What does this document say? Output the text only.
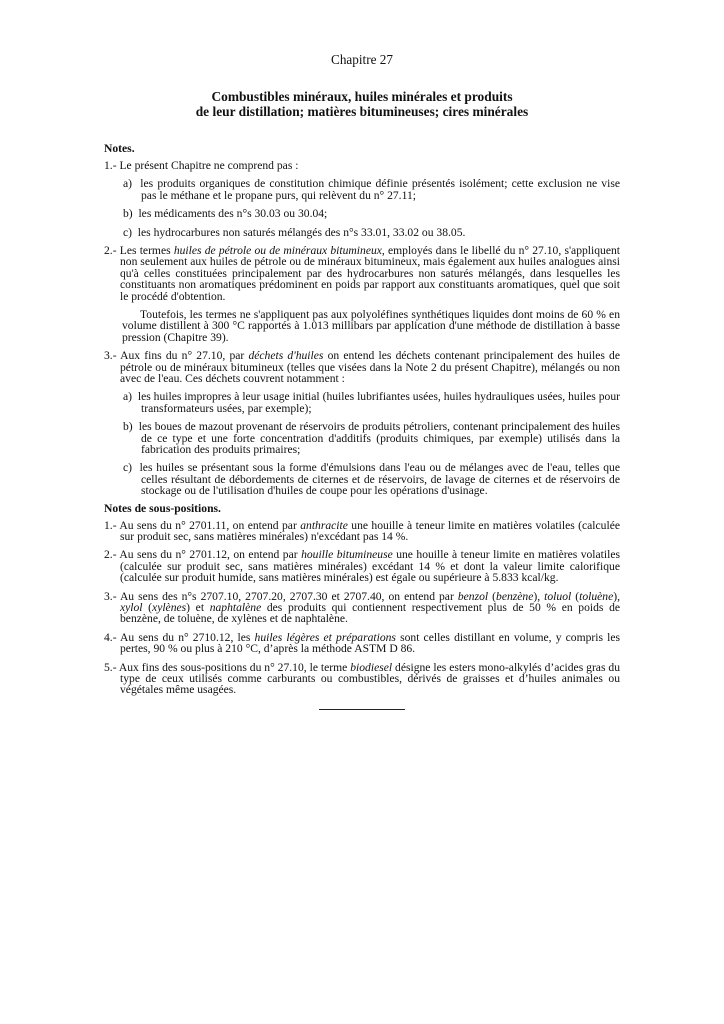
Chapitre 27
Combustibles minéraux, huiles minérales et produits
de leur distillation; matières bitumineuses; cires minérales

Notes.

1.- Le présent Chapitre ne comprend pas :

a)  les produits organiques de constitution chimique définie présentés isolément; cette exclusion ne vise pas le méthane et le propane purs, qui relèvent du n° 27.11;

b)  les médicaments des n°s 30.03 ou 30.04;

c)  les hydrocarbures non saturés mélangés des n°s 33.01, 33.02 ou 38.05.

2.- Les termes huiles de pétrole ou de minéraux bitumineux, employés dans le libellé du n° 27.10, s'appliquent non seulement aux huiles de pétrole ou de minéraux bitumineux, mais également aux huiles analogues ainsi qu'à celles constituées principalement par des hydrocarbures non saturés mélangés, dans lesquelles les constituants non aromatiques prédominent en poids par rapport aux constituants aromatiques, quel que soit le procédé d'obtention.

Toutefois, les termes ne s'appliquent pas aux polyoléfines synthétiques liquides dont moins de 60 % en volume distillent à 300 °C rapportés à 1.013 millibars par application d'une méthode de distillation à basse pression (Chapitre 39).

3.- Aux fins du n° 27.10, par déchets d'huiles on entend les déchets contenant principalement des huiles de pétrole ou de minéraux bitumineux (telles que visées dans la Note 2 du présent Chapitre), mélangés ou non avec de l'eau. Ces déchets couvrent notamment :

a)  les huiles impropres à leur usage initial (huiles lubrifiantes usées, huiles hydrauliques usées, huiles pour transformateurs usées, par exemple);

b)  les boues de mazout provenant de réservoirs de produits pétroliers, contenant principalement des huiles de ce type et une forte concentration d'additifs (produits chimiques, par exemple) utilisés dans la fabrication des produits primaires;

c)  les huiles se présentant sous la forme d'émulsions dans l'eau ou de mélanges avec de l'eau, telles que celles résultant de débordements de citernes et de réservoirs, de lavage de citernes et de réservoirs de stockage ou de l'utilisation d'huiles de coupe pour les opérations d'usinage.

Notes de sous-positions.

1.- Au sens du n° 2701.11, on entend par anthracite une houille à teneur limite en matières volatiles (calculée sur produit sec, sans matières minérales) n'excédant pas 14 %.

2.- Au sens du n° 2701.12, on entend par houille bitumineuse une houille à teneur limite en matières volatiles (calculée sur produit sec, sans matières minérales) excédant 14 % et dont la valeur limite calorifique (calculée sur produit humide, sans matières minérales) est égale ou supérieure à 5.833 kcal/kg.

3.- Au sens des n°s 2707.10, 2707.20, 2707.30 et 2707.40, on entend par benzol (benzène), toluol (toluène), xylol (xylènes) et naphtalène des produits qui contiennent respectivement plus de 50 % en poids de benzène, de toluène, de xylènes et de naphtalène.

4.- Au sens du n° 2710.12, les huiles légères et préparations sont celles distillant en volume, y compris les pertes, 90 % ou plus à 210 °C, d’après la méthode ASTM D 86.

5.- Aux fins des sous-positions du n° 27.10, le terme biodiesel désigne les esters mono-alkylés d’acides gras du type de ceux utilisés comme carburants ou combustibles, dérivés de graisses et d’huiles animales ou végétales même usagées.
